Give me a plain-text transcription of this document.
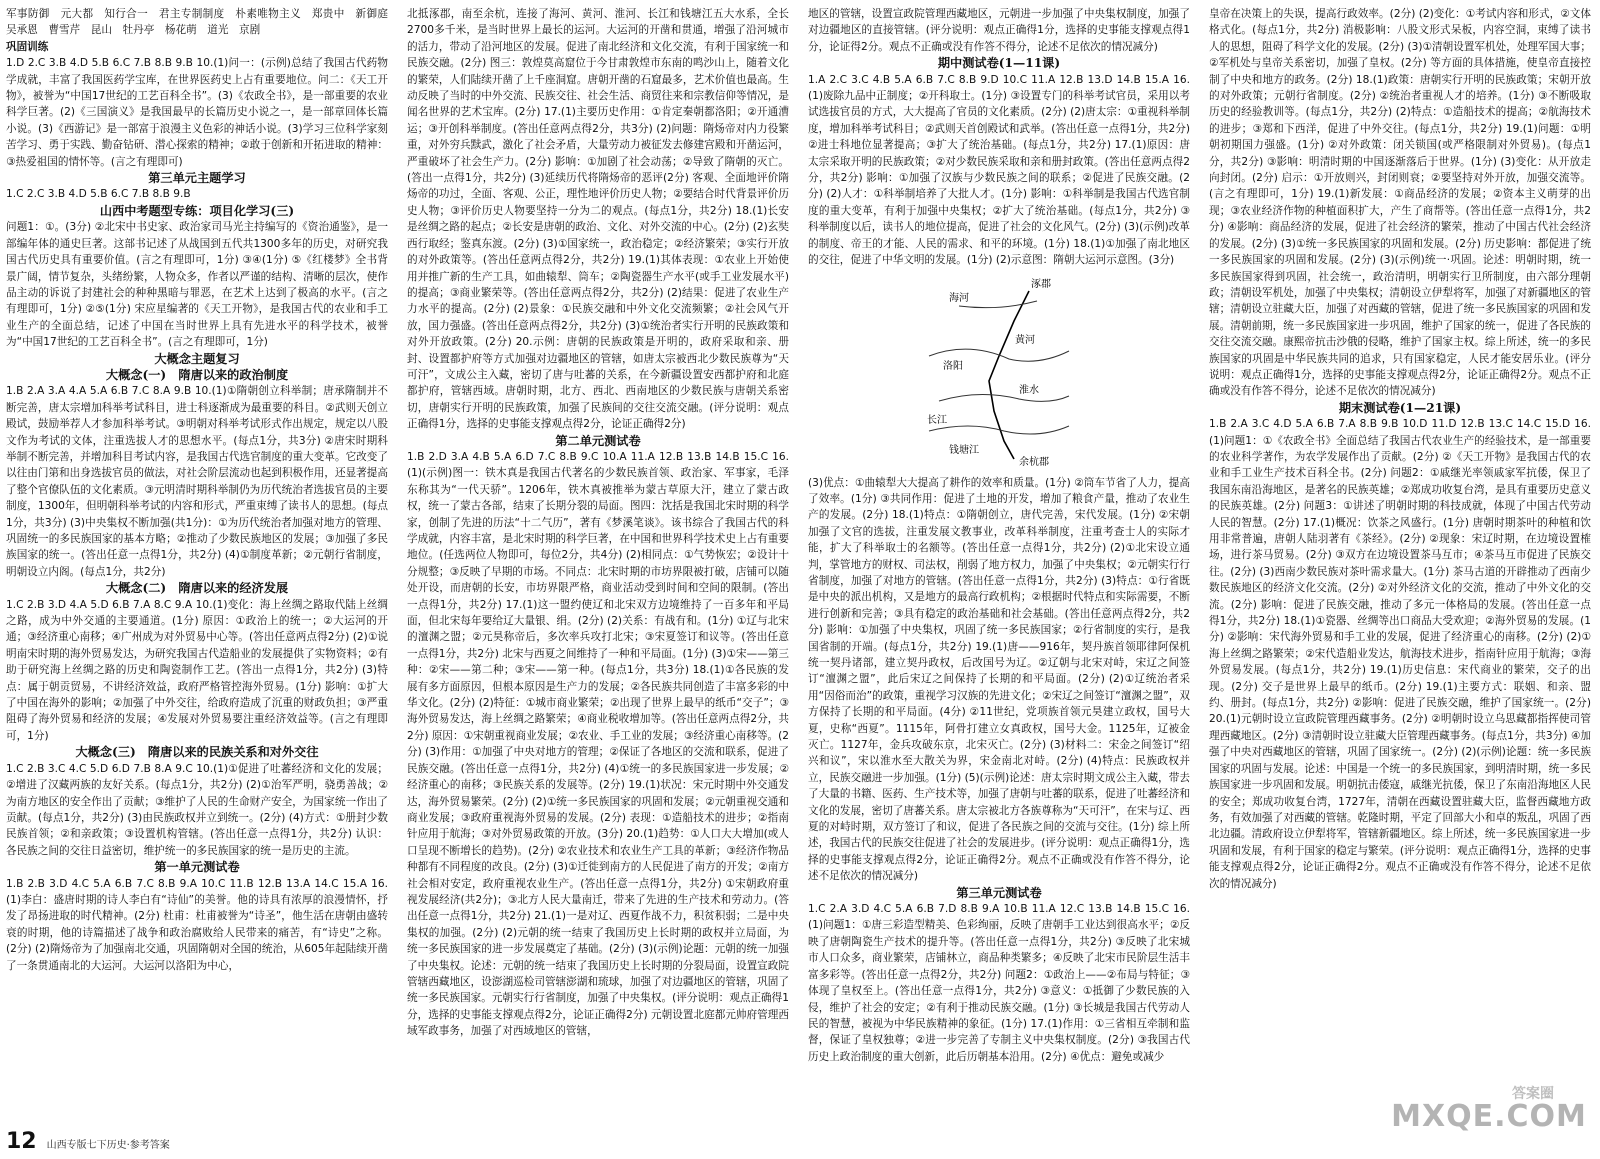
军事防御　元大都　知行合一　君主专制制度　朴素唯物主义　郑贵中　新御庭　吴承恩　曹雪芹　昆山　牡丹亭　杨花萌　道光　京剧

巩固训练

1.D 2.C 3.B 4.D 5.B 6.C 7.B 8.B 9.B 10.(1)问一：(示例)总结了我国古代药物学成就，丰富了我国医药学宝库，在世界医药史上占有重要地位。问二：《天工开物》，被誉为“中国17世纪的工艺百科全书”。(3)《农政全书》，是一部重要的农业科学巨著。(2)《三国演义》是我国最早的长篇历史小说之一，是一部章回体长篇小说。(3)《西游记》是一部富于浪漫主义色彩的神话小说。(3)学习三位科学家刻苦学习、勇于实践、勤奋钻研、潜心探索的精神；②敢于创新和开拓进取的精神：③热爱祖国的情怀等。(言之有理即可)

第三单元主题学习

1.C 2.C 3.B 4.D 5.B 6.C 7.B 8.B 9.B

山西中考题型专练：项目化学习(三)

问题1：①。(3分) ②北宋中书史家、政治家司马光主持编写的《资治通鉴》，是一部编年体的通史巨著。这部书记述了从战国到五代共1300多年的历史，对研究我国古代历史具有重要价值。(言之有理即可，1分) ③④(1分) ⑤《红楼梦》全书背景广阔，情节复杂，头绪纷繁，人物众多，作者以严谨的结构、清晰的层次，使作品主动的诉说了封建社会的种种黑暗与罪恶，在艺术上达到了极高的水平。(言之有理即可，1分) ②⑤(1分) 宋应星编著的《天工开物》，是我国古代的农业和手工业生产的全面总结，记述了中国在当时世界上具有先进水平的科学技术，被誉为“中国17世纪的工艺百科全书”。(言之有理即可，1分)

大概念主题复习

大概念(一)　隋唐以来的政治制度

1.B 2.A 3.A 4.A 5.A 6.B 7.C 8.A 9.B 10.(1)①隋朝创立科举制；唐承隋制并不断完善，唐太宗增加科举考试科目，进士科逐渐成为最重要的科目。②武则天创立殿试，鼓励举荐人才参加科举考试。③明朝对科举考试形式作出规定，规定以八股文作为考试的文体，注重选拔人才的思想水平。(每点1分，共3分) ②唐宋时期科举制不断完善，并增加科目考试内容，是我国古代选官制度的重大变革。它改变了以往由门第和出身选拔官员的做法，对社会阶层流动也起到积极作用，还显著提高了整个官僚队伍的文化素质。③元明清时期科举制仍为历代统治者选拔官员的主要制度，1300年，但明朝科举考试的内容和形式，严重束缚了读书人的思想。(每点1分，共3分) (3)中央集权不断加强(共1分)：①为历代统治者加强对地方的管理、巩固统一的多民族国家的基本方略；②推动了少数民族地区的发展；③加强了多民族国家的统一。(答出任意一点得1分，共2分) (4)①制度革新；②元朝行省制度，明朝设立内阁。(每点1分，共2分)

大概念(二)　隋唐以来的经济发展

1.C 2.B 3.D 4.A 5.D 6.B 7.A 8.C 9.A 10.(1)变化：海上丝绸之路取代陆上丝绸之路，成为中外交通的主要通道。(1分) 原因：①政治上的统一；②大运河的开通；③经济重心南移；④广州成为对外贸易中心等。(答出任意两点得2分) (2)①说明南宋时期的海外贸易发达，为研究我国古代造船业的发展提供了实物资料；②有助于研究海上丝绸之路的历史和陶瓷制作工艺。(答出一点得1分，共2分) (3)特点：属于朝贡贸易，不讲经济效益，政府严格管控海外贸易。(1分) 影响：①扩大了中国在海外的影响；②加强了中外交往，给政府造成了沉重的财政负担；③严重阻碍了海外贸易和经济的发展；④发展对外贸易要注重经济效益等。(言之有理即可，1分)

大概念(三)　隋唐以来的民族关系和对外交往

1.C 2.B 3.C 4.C 5.D 6.D 7.B 8.A 9.C 10.(1)①促进了吐蕃经济和文化的发展；②增进了汉藏两族的友好关系。(每点1分，共2分) (2)①治军严明，骁勇善战；②为南方地区的安全作出了贡献；③维护了人民的生命财产安全，为国家统一作出了贡献。(每点1分，共2分) (3)由民族政权并立到统一。(2分) (4)方式：①册封少数民族首领；②和亲政策；③设置机构管辖。(答出任意一点得1分，共2分) 认识：各民族之间的交往日益密切，维护统一的多民族国家的统一是历史的主流。

第一单元测试卷

1.B 2.B 3.D 4.C 5.A 6.B 7.C 8.B 9.A 10.C 11.B 12.B 13.A 14.C 15.A 16.(1)李白：盛唐时期的诗人李白有“诗仙”的美誉。他的诗具有浓厚的浪漫情怀，抒发了昂扬进取的时代精神。(2分) 杜甫：杜甫被誉为“诗圣”，他生活在唐朝由盛转衰的时期，他的诗篇描述了战争和政治腐败给人民带来的痛苦，有“诗史”之称。(2分) (2)隋炀帝为了加强南北交通，巩固隋朝对全国的统治，从605年起陆续开凿了一条贯通南北的大运河。大运河以洛阳为中心，

北抵涿郡，南至余杭，连接了海河、黄河、淮河、长江和钱塘江五大水系，全长2700多千米，是当时世界上最长的运河。大运河的开凿和贯通，增强了沿河城市的活力，带动了沿河地区的发展。促进了南北经济和文化交流，有利于国家统一和民族交融。(2分) 图三：敦煌莫高窟位于今甘肃敦煌市东南的鸣沙山上，随着文化的繁荣，人们陆续开凿了上千座洞窟。唐朝开凿的石窟最多，艺术价值也最高。生动反映了当时的中外交流、民族交往、社会生活、商贸往来和宗教信仰等情况，是闻名世界的艺术宝库。(2分) 17.(1)主要历史作用：①肯定秦朝都洛阳；②开通漕运；③开创科举制度。(答出任意两点得2分，共3分) (2)问题：隋炀帝对内力役繁重，对外穷兵黩武，激化了社会矛盾，大量劳动力被征发去修建宫殿和开凿运河，严重破坏了社会生产力。(2分) 影响：①加剧了社会动荡；②导致了隋朝的灭亡。(答出一点得1分，共2分) (3)延续历代将隋炀帝的恶评(2分) 客观、全面地评价隋炀帝的功过，全面、客观、公正，理性地评价历史人物；②要结合时代背景评价历史人物；③评价历史人物要坚持一分为二的观点。(每点1分，共2分) 18.(1)长安是丝绸之路的起点；②长安是唐朝的政治、文化、对外交流的中心。(2分) (2)玄奘西行取经；鉴真东渡。(2分) (3)①国家统一，政治稳定；②经济繁荣；③实行开放的对外政策等。(答出任意两点得2分，共2分) 19.(1)其体表现：①农业上开始使用并推广新的生产工具，如曲辕犁、筒车；②陶瓷器生产水平(或手工业发展水平)的提高；③商业繁荣等。(答出任意两点得2分，共2分) (2)结果：促进了农业生产力水平的提高。(2分) (2)景象：①民族交融和中外文化交流频繁；②社会风气开放，国力强盛。(答出任意两点得2分，共2分) (3)①统治者实行开明的民族政策和对外开放政策。(2分) 20.示例：唐朝的民族政策是开明的，政府采取和亲、册封、设置都护府等方式加强对边疆地区的管辖，如唐太宗被西北少数民族尊为“天可汗”，文成公主入藏，密切了唐与吐蕃的关系，在今新疆设置安西都护府和北庭都护府，管辖西域。唐朝时期，北方、西北、西南地区的少数民族与唐朝关系密切，唐朝实行开明的民族政策，加强了民族间的交往交流交融。(评分说明：观点正确得1分，选择的史事能支撑观点得2分，论证正确得2分)

第二单元测试卷

1.B 2.D 3.A 4.B 5.A 6.D 7.C 8.B 9.C 10.A 11.A 12.B 13.B 14.B 15.C 16.(1)(示例)图一：铁木真是我国古代著名的少数民族首领、政治家、军事家，毛泽东称其为“一代天骄”。1206年，铁木真被推举为蒙古草原大汗，建立了蒙古政权，统一了蒙古各部，结束了长期分裂的局面。图四：沈括是我国北宋时期的科学家，创制了先进的历法“十二气历”，著有《梦溪笔谈》。该书综合了我国古代的科学成就，内容丰富，是北宋时期的科学巨著，在中国和世界科学技术史上占有重要地位。(任选两位人物即可，每位2分，共4分) (2)相同点：①气势恢宏；②设计十分规整；③反映了早期的市场。不同点：北宋时期的市坊界限被打破，店铺可以随处开设，而唐朝的长安，市坊界限严格，商业活动受到时间和空间的限制。(答出一点得1分，共2分) 17.(1)这一盟约使辽和北宋双方边境维持了一百多年和平局面，但北宋每年要给辽大量银、绢。(2分) (2)关系：有战有和。(1分) ①辽与北宋的澶渊之盟；②元昊称帝后，多次率兵攻打北宋；③宋夏签订和议等。(答出任意一点得1分，共2分) 北宋与西夏之间维持了一种和平局面。(1分) (3)①宋——第三种：②宋——第二种；③宋——第一种。(每点1分，共3分) 18.(1)①各民族的发展有多方面原因，但根本原因是生产力的发展；②各民族共同创造了丰富多彩的中华文化。(2分) (2)特征：①城市商业繁荣；②出现了世界上最早的纸币“交子”；③海外贸易发达，海上丝绸之路繁荣；④商业税收增加等。(答出任意两点得2分，共2分) 原因：①宋朝重视商业发展；②农业、手工业的发展；③经济重心南移等。(2分) (3)作用：①加强了中央对地方的管理；②保证了各地区的交流和联系，促进了民族交融。(答出任意一点得1分，共2分) (4)①统一的多民族国家进一步发展；②经济重心的南移；③民族关系的发展等。(2分) 19.(1)状况：宋元时期中外交通发达，海外贸易繁荣。(2分) (2)①统一多民族国家的巩固和发展；②元朝重视交通和商业发展；③政府重视海外贸易的发展。(2分) 表现：①造船技术的进步；②指南针应用于航海；③对外贸易政策的开放。(3分) 20.(1)趋势：①人口大大增加(或人口呈现不断增长的趋势)。(2分) ②农业技术和农业生产工具的革新；③经济作物品种都有不同程度的改良。(2分) (3)①迁徙到南方的人民促进了南方的开发；②南方社会相对安定，政府重视农业生产。(答出任意一点得1分，共2分) ①宋朝政府重视发展经济(共2分)；③北方人民大量南迁，带来了先进的生产技术和劳动力。(答出任意一点得1分，共2分) 21.(1)一是对辽、西夏作战不力，积贫积弱；二是中央集权的加强。(2分) (2)元朝的统一结束了我国历史上长时期的政权并立局面，为统一多民族国家的进一步发展奠定了基础。(2分) (3)(示例)论题：元朝的统一加强了中央集权。论述：元朝的统一结束了我国历史上长时期的分裂局面，设置宣政院管辖西藏地区，设澎湖巡检司管辖澎湖和琉球，加强了对边疆地区的管辖，巩固了统一多民族国家。元朝实行行省制度，加强了中央集权。(评分说明：观点正确得1分，选择的史事能支撑观点得2分，论证正确得2分) 元朝设置北庭都元帅府管理西域军政事务，加强了对西域地区的管辖，

地区的管辖，设置宣政院管理西藏地区，元朝进一步加强了中央集权制度，加强了对边疆地区的直接管辖。(评分说明：观点正确得1分，选择的史事能支撑观点得1分，论证得2分。观点不正确或没有作答不得分，论述不足依次的情况减分)

期中测试卷(1—11课)

1.A 2.C 3.C 4.B 5.A 6.B 7.C 8.B 9.D 10.C 11.A 12.B 13.D 14.B 15.A 16.(1)废除九品中正制度；②开科取士。(1分) ③设置专门的科举考试官员，采用以考试选拔官员的方式，大大提高了官员的文化素质。(2分) (2)唐太宗：①重视科举制度，增加科举考试科目；②武则天首创殿试和武举。(答出任意一点得1分，共2分) ②进士科地位显著提高；③扩大了统治基础。(每点1分，共2分) 17.(1)原因：唐太宗采取开明的民族政策；②对少数民族采取和亲和册封政策。(答出任意两点得2分，共2分) 影响：①加强了汉族与少数民族之间的联系；②促进了民族交融。(2分) (2)人才：①科举制培养了大批人才。(1分) 影响：①科举制是我国古代选官制度的重大变革，有利于加强中央集权；②扩大了统治基础。(每点1分，共2分) ③科举制度以后，读书人的地位提高，促进了社会的文化风气。(2分) (3)(示例)改革的制度、帝王的才能、人民的需求、和平的环境。(1分) 18.(1)①加强了南北地区的交往，促进了中华文明的发展。(1分) (2)示意图：隋朝大运河示意图。(3分)

涿郡
海河
黄河
洛阳
淮水
长江
钱塘江
余杭郡

(3)优点：①曲辕犁大大提高了耕作的效率和质量。(1分) ②筒车节省了人力，提高了效率。(1分) ③共同作用：促进了土地的开发，增加了粮食产量，推动了农业生产的发展。(2分) 18.(1)特点：①隋朝创立，唐代完善，宋代发展。(1分) ②宋朝加强了文官的选拔，注重发展文教事业，改革科举制度，注重考查士人的实际才能，扩大了科举取士的名额等。(答出任意一点得1分，共2分) (2)①北宋设立通判，掌管地方的财权、司法权，削弱了地方权力，加强了中央集权；②元朝实行行省制度，加强了对地方的管辖。(答出任意一点得1分，共2分) (3)特点：①行省既是中央的派出机构，又是地方的最高行政机构；②根据时代特点和实际需要，不断进行创新和完善；③具有稳定的政治基础和社会基础。(答出任意两点得2分，共2分) 影响：①加强了中央集权，巩固了统一多民族国家；②行省制度的实行，是我国省制的开端。(每点1分，共2分) 19.(1)唐——916年，契丹族首领耶律阿保机统一契丹诸部，建立契丹政权，后改国号为辽。②辽朝与北宋对峙，宋辽之间签订“澶渊之盟”，此后宋辽之间保持了长期的和平局面。(2分) (2)①辽统治者采用“因俗而治”的政策，重视学习汉族的先进文化；②宋辽之间签订“澶渊之盟”，双方保持了长期的和平局面。(4分) ②11世纪，党项族首领元昊建立政权，国号大夏，史称“西夏”。1115年，阿骨打建立女真政权，国号大金。1125年，辽被金灭亡。1127年，金兵攻破东京，北宋灭亡。(2分) (3)材料二：宋金之间签订“绍兴和议”，宋以淮水至大散关为界，宋金南北对峙。(2分) (4)特点：民族政权并立，民族交融进一步加强。(1分) (5)(示例)论述：唐太宗时期文成公主入藏，带去了大量的书籍、医药、生产技术等，加强了唐朝与吐蕃的联系，促进了吐蕃经济和文化的发展，密切了唐蕃关系。唐太宗被北方各族尊称为“天可汗”，在宋与辽、西夏的对峙时期，双方签订了和议，促进了各民族之间的交流与交往。(1分) 综上所述，我国古代的民族交往促进了社会的发展进步。(评分说明：观点正确得1分，选择的史事能支撑观点得2分，论证正确得2分。观点不正确或没有作答不得分，论述不足依次的情况减分)

第三单元测试卷

1.C 2.A 3.D 4.C 5.A 6.B 7.D 8.B 9.A 10.B 11.A 12.C 13.B 14.B 15.C 16.(1)问题1：①唐三彩造型精美、色彩绚丽，反映了唐朝手工业达到很高水平；②反映了唐朝陶瓷生产技术的提升等。(答出任意一点得1分，共2分) ③反映了北宋城市人口众多，商业繁荣，店铺林立，商品种类繁多；④反映了北宋市民阶层生活丰富多彩等。(答出任意一点得2分，共2分) 问题2：①政治上——②布局与特征；③体现了皇权至上。(答出任意一点得1分，共2分) ③意义：①抵御了少数民族的入侵，维护了社会的安定；②有利于推动民族交融。(1分) ③长城是我国古代劳动人民的智慧，被视为中华民族精神的象征。(1分) 17.(1)作用：①三省相互牵制和监督，保证了皇权独尊；②进一步完善了专制主义中央集权制度。(2分) ③我国古代历史上政治制度的重大创新，此后历朝基本沿用。(2分) ④优点：避免或减少

皇帝在决策上的失误，提高行政效率。(2分) (2)变化：①考试内容和形式，②文体格式化。(每点1分，共2分) 消极影响：八股文形式呆板，内容空洞，束缚了读书人的思想，阻碍了科学文化的发展。(2分) (3)①清朝设置军机处，处理军国大事；②军机处与皇帝关系密切，加强了皇权。(2分) 等方面的具体措施，使皇帝直接控制了中央和地方的政务。(2分) 18.(1)政策：唐朝实行开明的民族政策；宋朝开放的对外政策；元朝行省制度。(2分) ②统治者重视人才的培养。(1分) ③不断吸取历史的经验教训等。(每点1分，共2分) (2)特点：①造船技术的提高；②航海技术的进步；③郑和下西洋，促进了中外交往。(每点1分，共2分) 19.(1)问题：①明朝初期国力强盛。(1分) ②对外政策：闭关锁国(或严格限制对外贸易)。(每点1分，共2分) ③影响：明清时期的中国逐渐落后于世界。(1分) (3)变化：从开放走向封闭。(2分) 启示：①开放则兴，封闭则衰；②要坚持对外开放，加强交流等。(言之有理即可，1分) 19.(1)新发展：①商品经济的发展；②资本主义萌芽的出现；③农业经济作物的种植面积扩大，产生了商帮等。(答出任意一点得1分，共2分) ④影响：商品经济的发展，促进了社会经济的繁荣，推动了中国古代社会经济的发展。(2分) (3)①统一多民族国家的巩固和发展。(2分) 历史影响：都促进了统一多民族国家的巩固和发展。(2分) (3)(示例)统一·巩固。论述：明朝时期，统一多民族国家得到巩固，社会统一，政治清明，明朝实行卫所制度，由六部分理朝政；清朝设军机处，加强了中央集权；清朝设立伊犁将军，加强了对新疆地区的管辖；清朝设立驻藏大臣，加强了对西藏的管辖，促进了统一多民族国家的巩固和发展。清朝前期，统一多民族国家进一步巩固，维护了国家的统一，促进了各民族的交往交流交融。康熙帝抗击沙俄的侵略，维护了国家主权。综上所述，统一的多民族国家的巩固是中华民族共同的追求，只有国家稳定，人民才能安居乐业。(评分说明：观点正确得1分，选择的史事能支撑观点得2分，论证正确得2分。观点不正确或没有作答不得分，论述不足依次的情况减分)

期末测试卷(1—21课)

1.B 2.A 3.C 4.D 5.A 6.B 7.A 8.B 9.B 10.D 11.D 12.B 13.C 14.C 15.D 16.(1)问题1：①《农政全书》全面总结了我国古代农业生产的经验技术，是一部重要的农业科学著作，为农学发展作出了贡献。(2分) ②《天工开物》是我国古代的农业和手工业生产技术百科全书。(2分) 问题2：①戚继光率领戚家军抗倭，保卫了我国东南沿海地区，是著名的民族英雄；②郑成功收复台湾，是具有重要历史意义的民族英雄。(2分) 问题3：①讲述了明朝时期的科技成就，体现了中国古代劳动人民的智慧。(2分) 17.(1)概况：饮茶之风盛行。(1分) 唐朝时期茶叶的种植和饮用非常普遍，唐朝人陆羽著有《茶经》。(2分) ②现象：宋辽时期，在边境设置榷场，进行茶马贸易。(2分) ③双方在边境设置茶马互市；④茶马互市促进了民族交往。(2分) (3)西南少数民族对茶叶需求量大。(1分) 茶马古道的开辟推动了西南少数民族地区的经济文化交流。(2分) ②对外经济文化的交流，推动了中外文化的交流。(2分) 影响：促进了民族交融，推动了多元一体格局的发展。(答出任意一点得1分，共2分) 18.(1)①瓷器、丝绸等出口商品大受欢迎；②海外贸易的发展。(1分) ②影响：宋代海外贸易和手工业的发展，促进了经济重心的南移。(2分) (2)①海上丝绸之路繁荣；②宋代造船业发达，航海技术进步，指南针应用于航海；③海外贸易发展。(每点1分，共2分) 19.(1)历史信息：宋代商业的繁荣，交子的出现。(2分) 交子是世界上最早的纸币。(2分) 19.(1)主要方式：联姻、和亲、盟约、册封。(每点1分，共2分) ②影响：促进了民族交融，维护了国家统一。(2分) 20.(1)元朝时设立宣政院管理西藏事务。(2分) ②明朝时设立乌思藏都指挥使司管理西藏地区。(2分) ③清朝时设立驻藏大臣管理西藏事务。(每点1分，共3分) ④加强了中央对西藏地区的管辖，巩固了国家统一。(2分) (2)(示例)论题：统一多民族国家的巩固与发展。论述：中国是一个统一的多民族国家，到明清时期，统一多民族国家进一步巩固和发展。明朝抗击倭寇，戚继光抗倭，保卫了东南沿海地区人民的安全；郑成功收复台湾，1727年，清朝在西藏设置驻藏大臣，监督西藏地方政务，有效加强了对西藏的管辖。乾隆时期，平定了回部大小和卓的叛乱，巩固了西北边疆。清政府设立伊犁将军，管辖新疆地区。综上所述，统一多民族国家进一步巩固和发展，有利于国家的稳定与繁荣。(评分说明：观点正确得1分，选择的史事能支撑观点得2分，论证正确得2分。观点不正确或没有作答不得分，论述不足依次的情况减分)

12 山西专版七下历史·参考答案
MXQE.COM
答案圈
